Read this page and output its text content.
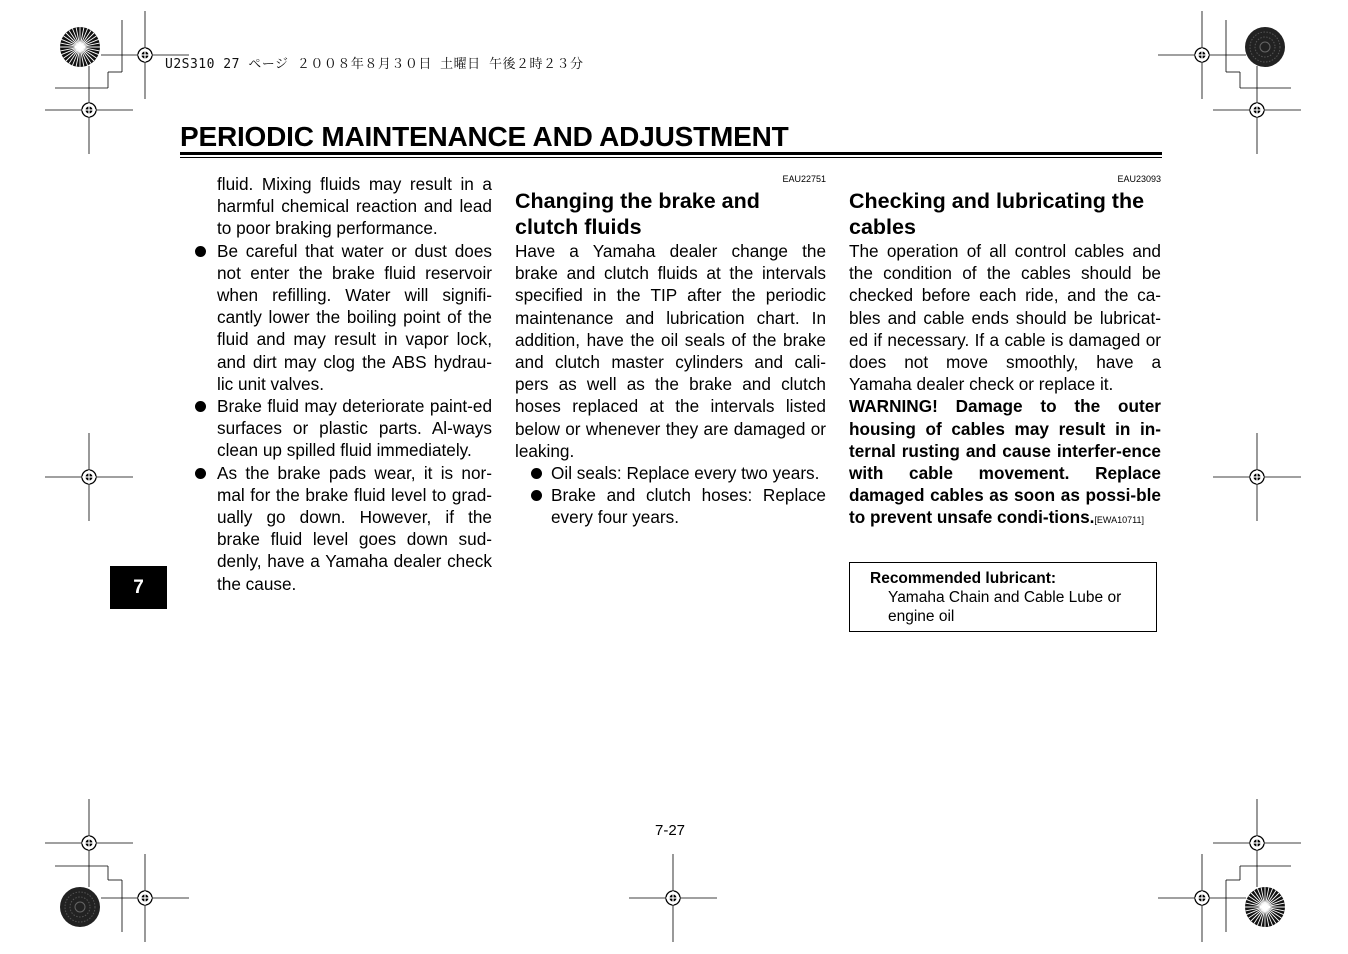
U2S310 27 ページ ２００８年８月３０日 土曜日 午後２時２３分
PERIODIC MAINTENANCE AND ADJUSTMENT

fluid. Mixing fluids may result in a harmful chemical reaction and lead to poor braking performance.

Be careful that water or dust does not enter the brake fluid reservoir when refilling. Water will signifi-cantly lower the boiling point of the fluid and may result in vapor lock, and dirt may clog the ABS hydrau-lic unit valves.

Brake fluid may deteriorate paint-ed surfaces or plastic parts. Al-ways clean up spilled fluid immediately.

As the brake pads wear, it is nor-mal for the brake fluid level to grad-ually go down. However, if the brake fluid level goes down sud-denly, have a Yamaha dealer check the cause.

EAU22751
Changing the brake and clutch fluids

Have a Yamaha dealer change the brake and clutch fluids at the intervals specified in the TIP after the periodic maintenance and lubrication chart. In addition, have the oil seals of the brake and clutch master cylinders and cali-pers as well as the brake and clutch hoses replaced at the intervals listed below or whenever they are damaged or leaking.

Oil seals: Replace every two years.

Brake and clutch hoses: Replace every four years.

EAU23093
Checking and lubricating the cables

The operation of all control cables and the condition of the cables should be checked before each ride, and the ca-bles and cable ends should be lubricat-ed if necessary. If a cable is damaged or does not move smoothly, have a Yamaha dealer check or replace it.

WARNING! Damage to the outer housing of cables may result in in-ternal rusting and cause interfer-ence with cable movement. Replace damaged cables as soon as possi-ble to prevent unsafe condi-tions.[EWA10711]

Recommended lubricant:
Yamaha Chain and Cable Lube or engine oil
7
7-27
